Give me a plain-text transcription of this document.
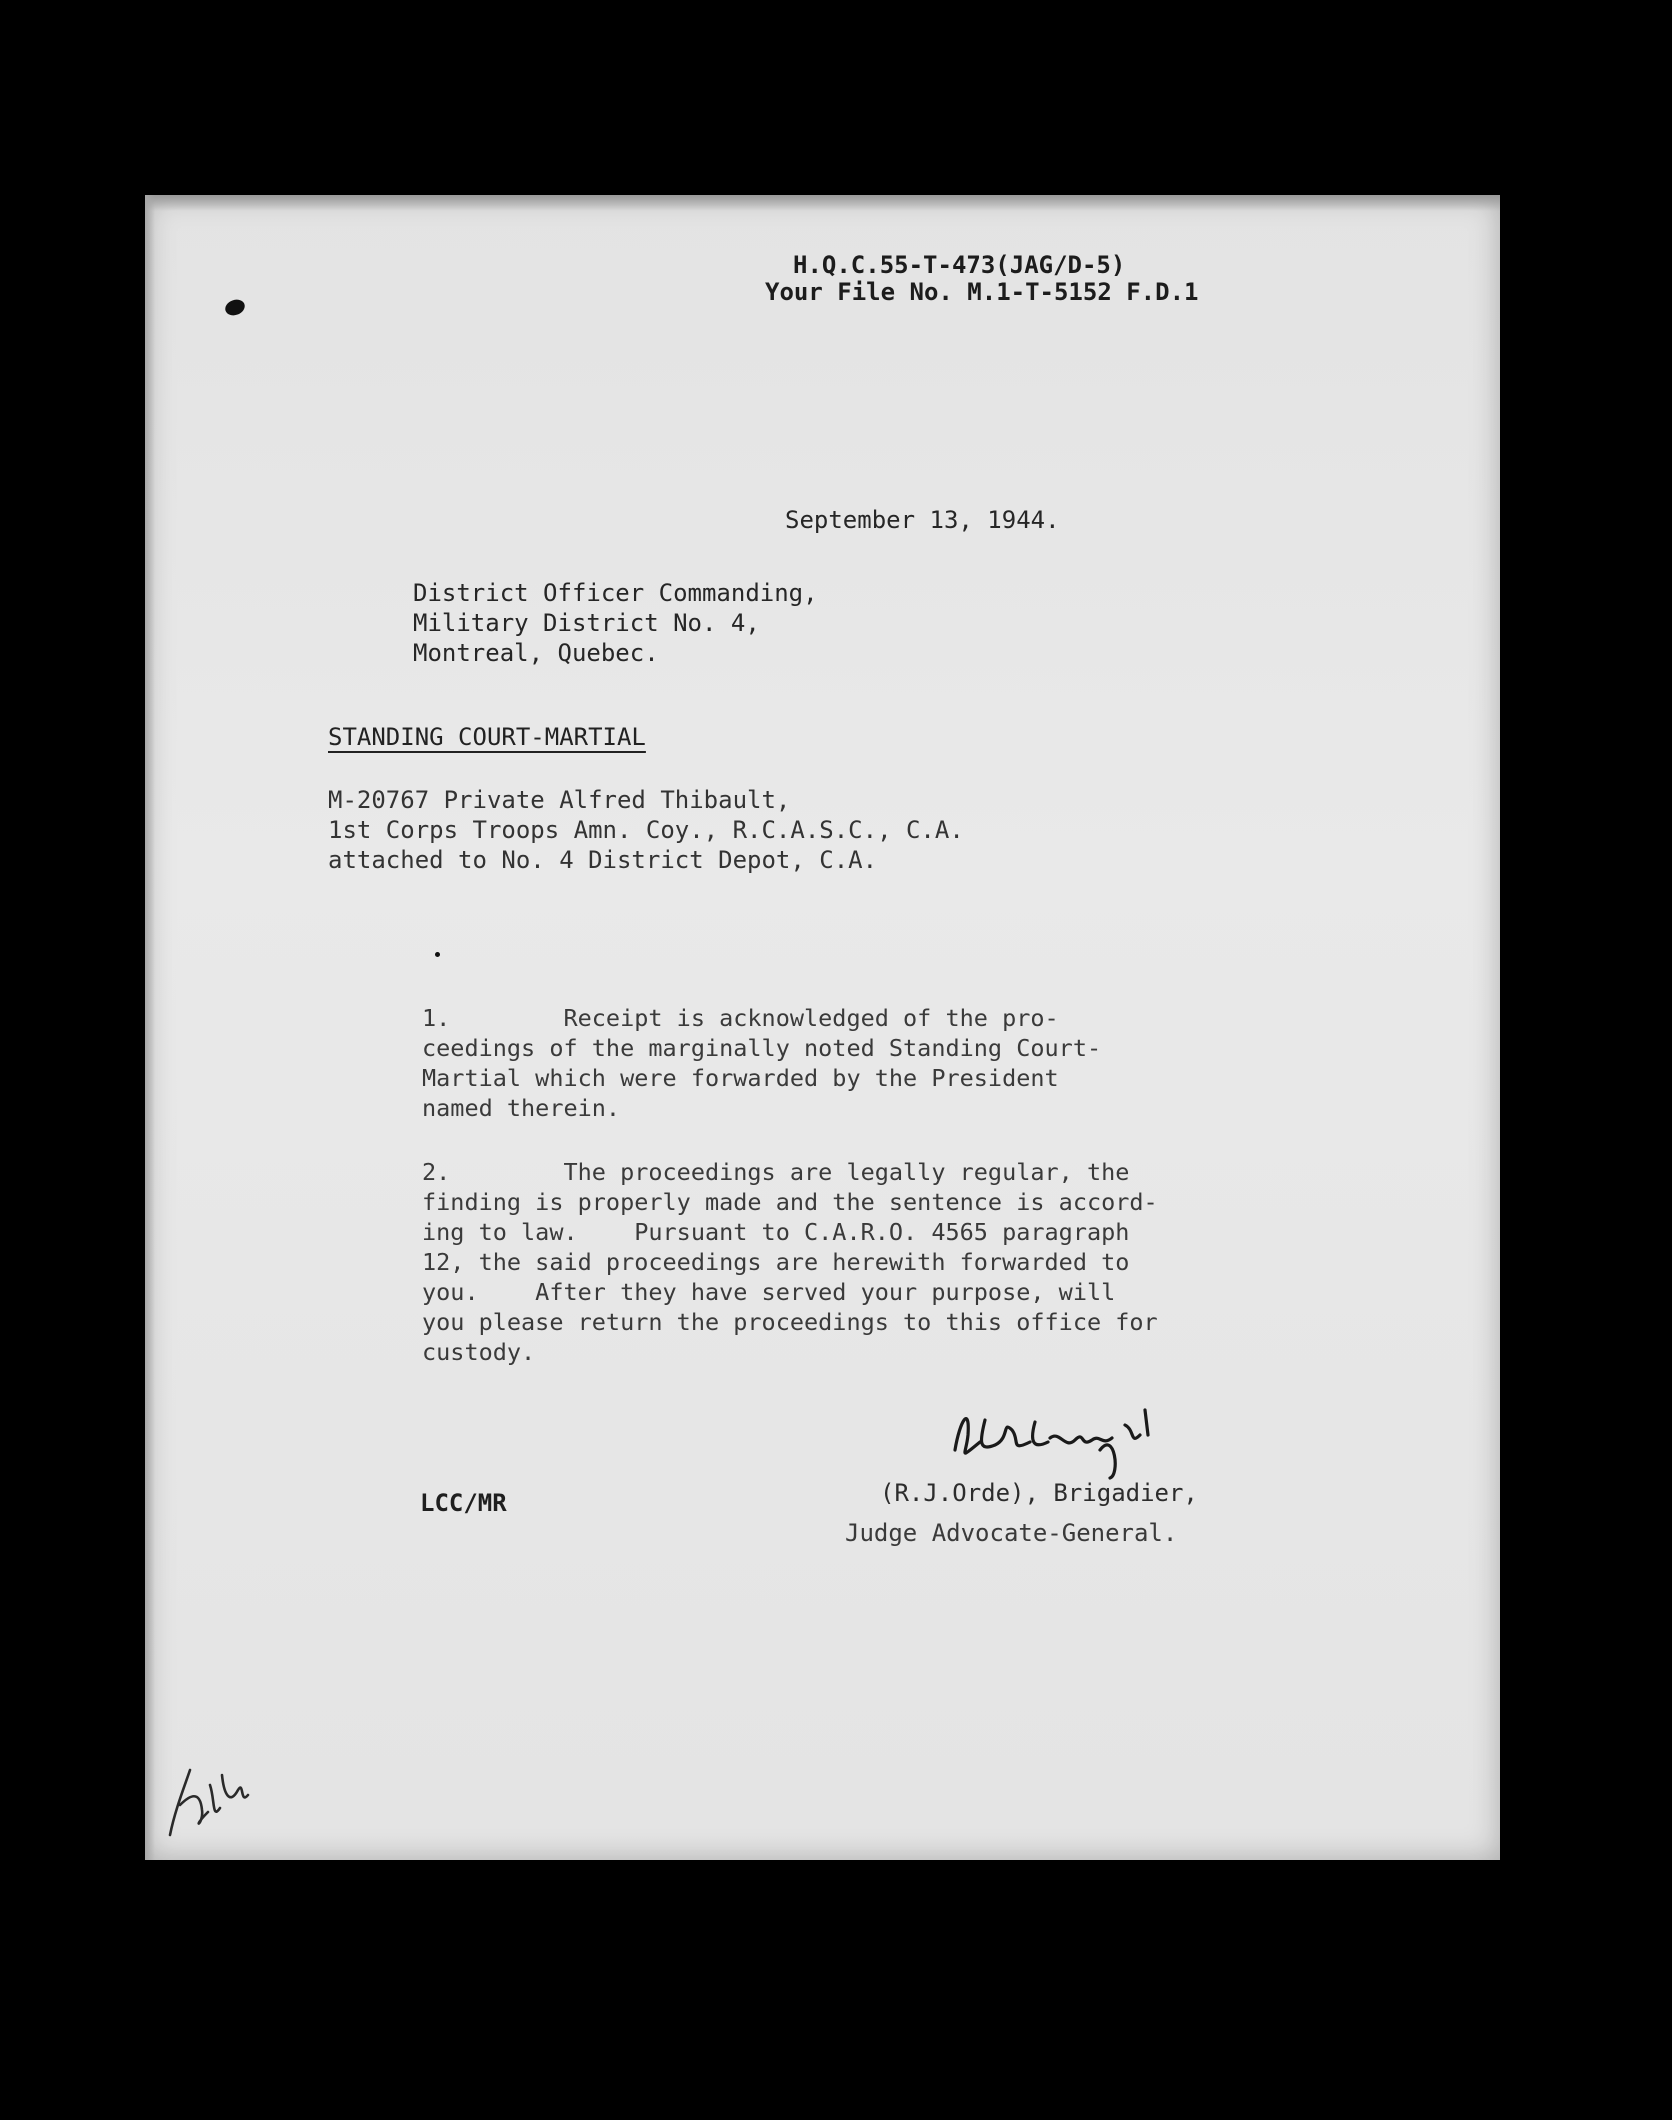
H.Q.C.55-T-473(JAG/D-5)
Your File No. M.1-T-5152 F.D.1
September 13, 1944.
District Officer Commanding,
Military District No. 4,
Montreal, Quebec.
STANDING COURT-MARTIAL
M-20767 Private Alfred Thibault,
1st Corps Troops Amn. Coy., R.C.A.S.C., C.A.
attached to No. 4 District Depot, C.A.
1.        Receipt is acknowledged of the pro-
ceedings of the marginally noted Standing Court-
Martial which were forwarded by the President
named therein.
2.        The proceedings are legally regular, the
finding is properly made and the sentence is accord-
ing to law.    Pursuant to C.A.R.O. 4565 paragraph
12, the said proceedings are herewith forwarded to
you.    After they have served your purpose, will
you please return the proceedings to this office for
custody.
LCC/MR	(R.J.Orde), Brigadier,
Judge Advocate-General.
